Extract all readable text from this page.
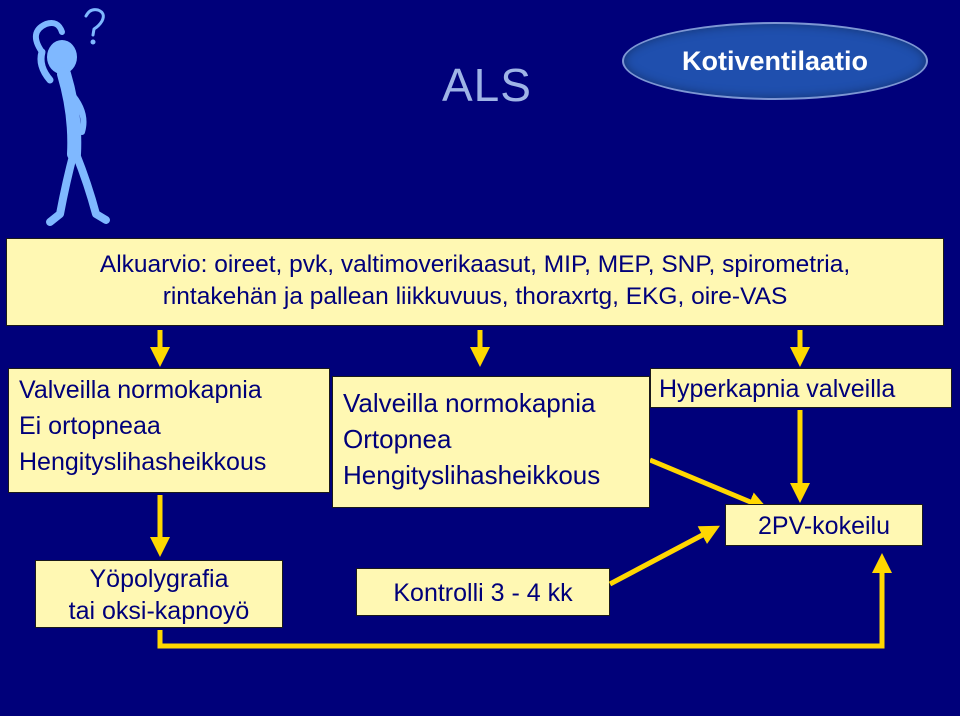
ALS	Kotiventilaatio
Alkuarvio: oireet, pvk, valtimoverikaasut, MIP, MEP, SNP, spirometria,
rintakehän ja pallean liikkuvuus, thoraxrtg, EKG, oire-VAS
Valveilla normokapnia
Ei ortopneaa
Hengityslihasheikkous
Valveilla normokapnia
Ortopnea
Hengityslihasheikkous
Hyperkapnia valveilla
2PV-kokeilu
Yöpolygrafia
tai oksi-kapnoyö
Kontrolli 3 - 4 kk
